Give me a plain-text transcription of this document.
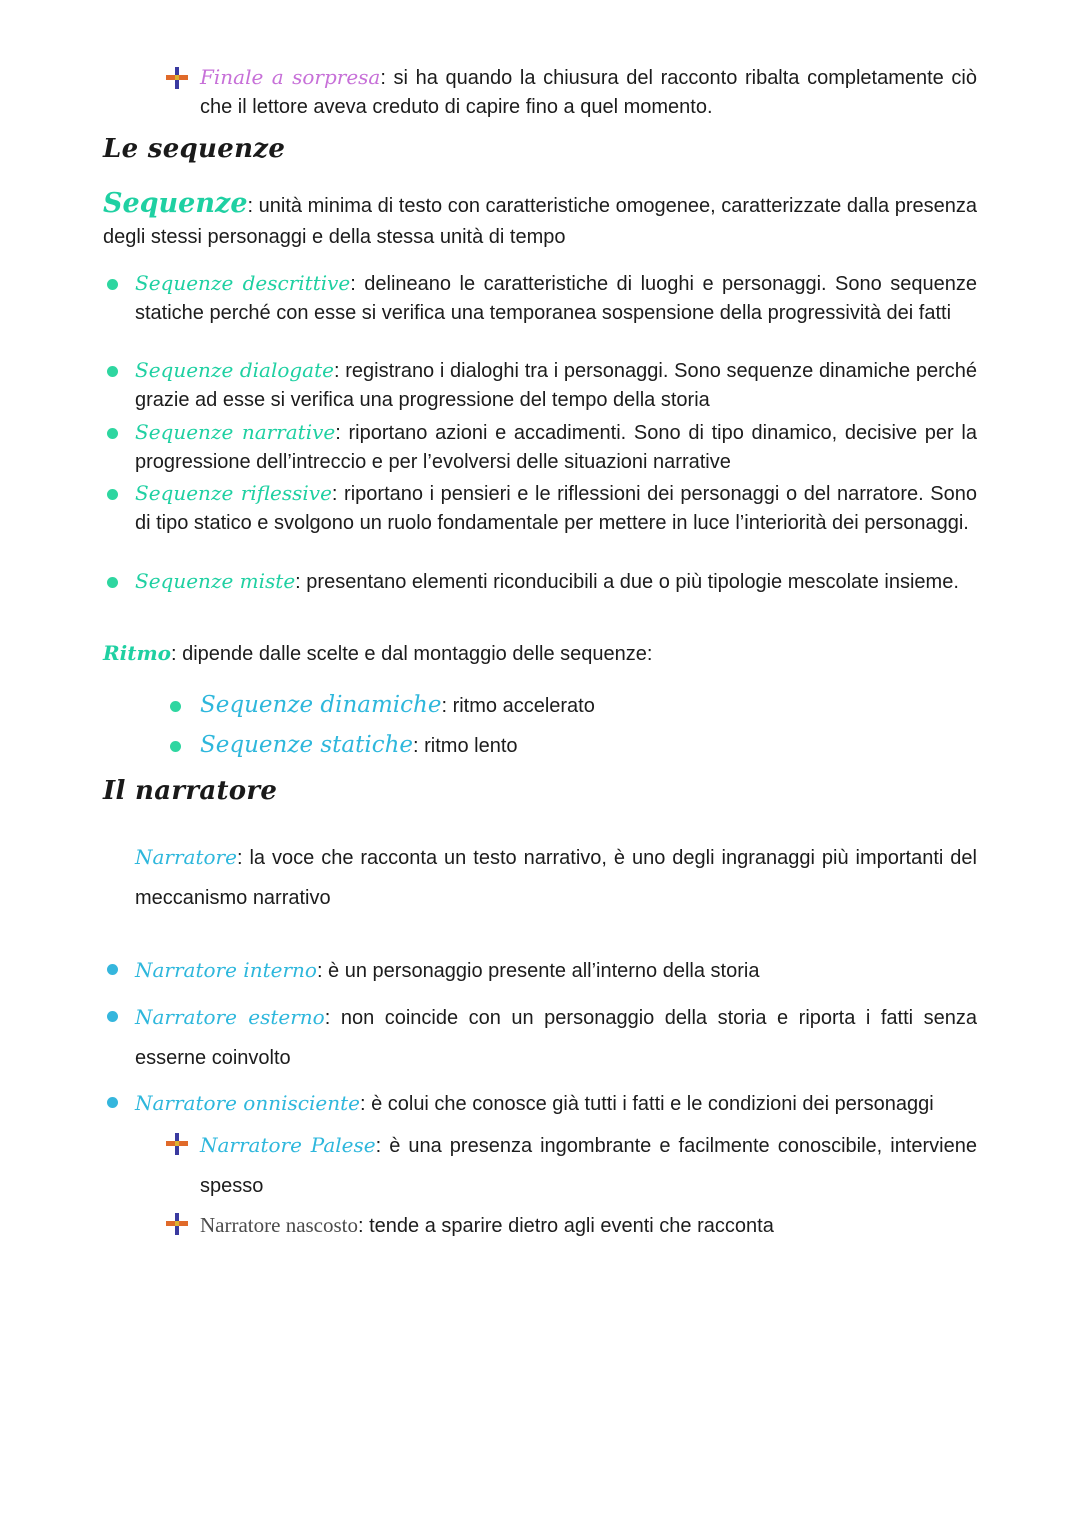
Finale a sorpresa: si ha quando la chiusura del racconto ribalta completamente ciò che il lettore aveva creduto di capire fino a quel momento.
Le sequenze
Sequenze: unità minima di testo con caratteristiche omogenee, caratterizzate dalla presenza degli stessi personaggi e della stessa unità di tempo
Sequenze descrittive: delineano le caratteristiche di luoghi e personaggi. Sono sequenze statiche perché con esse si verifica una temporanea sospensione della progressività dei fatti
Sequenze dialogate: registrano i dialoghi tra i personaggi. Sono sequenze dinamiche perché grazie ad esse si verifica una progressione del tempo della storia
Sequenze narrative: riportano azioni e accadimenti. Sono di tipo dinamico, decisive per la progressione dell’intreccio e per l’evolversi delle situazioni narrative
Sequenze riflessive: riportano i pensieri e le riflessioni dei personaggi o del narratore. Sono di tipo statico e svolgono un ruolo fondamentale per mettere in luce l’interiorità dei personaggi.
Sequenze miste: presentano elementi riconducibili a due o più tipologie mescolate insieme.
Ritmo: dipende dalle scelte e dal montaggio delle sequenze:
Sequenze dinamiche: ritmo accelerato
Sequenze statiche: ritmo lento
Il narratore
Narratore: la voce che racconta un testo narrativo, è uno degli ingranaggi più importanti del meccanismo narrativo
Narratore interno: è un personaggio presente all’interno della storia
Narratore esterno: non coincide con un personaggio della storia e riporta i fatti senza esserne coinvolto
Narratore onnisciente: è colui che conosce già tutti i fatti e le condizioni dei personaggi
Narratore Palese: è una presenza ingombrante e facilmente conoscibile, interviene spesso
Narratore nascosto: tende a sparire dietro agli eventi che racconta
